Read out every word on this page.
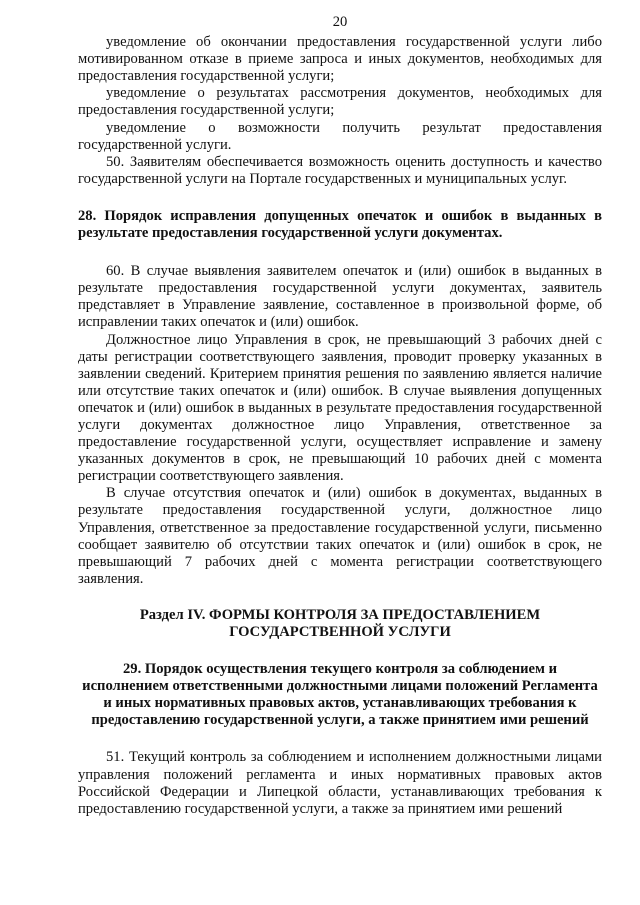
20

уведомление об окончании предоставления государственной услуги либо мотивированном отказе в приеме запроса и иных документов, необходимых для предоставления государственной услуги;

уведомление о результатах рассмотрения документов, необходимых для предоставления государственной услуги;

уведомление о возможности получить результат предоставления государственной услуги.

50. Заявителям обеспечивается возможность оценить доступность и качество государственной услуги на Портале государственных и муниципальных услуг.

28. Порядок исправления допущенных опечаток и ошибок в выданных в результате предоставления государственной услуги документах.

60. В случае выявления заявителем опечаток и (или) ошибок в выданных в результате предоставления государственной услуги документах, заявитель представляет в Управление заявление, составленное в произвольной форме, об исправлении таких опечаток и (или) ошибок.

Должностное лицо Управления в срок, не превышающий 3 рабочих дней с даты регистрации соответствующего заявления, проводит проверку указанных в заявлении сведений. Критерием принятия решения по заявлению является наличие или отсутствие таких опечаток и (или) ошибок. В случае выявления допущенных опечаток и (или) ошибок в выданных в результате предоставления государственной услуги документах должностное лицо Управления, ответственное за предоставление государственной услуги, осуществляет исправление и замену указанных документов в срок, не превышающий 10 рабочих дней с момента регистрации соответствующего заявления.

В случае отсутствия опечаток и (или) ошибок в документах, выданных в результате предоставления государственной услуги, должностное лицо Управления, ответственное за предоставление государственной услуги, письменно сообщает заявителю об отсутствии таких опечаток и (или) ошибок в срок, не превышающий 7 рабочих дней с момента регистрации соответствующего заявления.

Раздел IV. ФОРМЫ КОНТРОЛЯ ЗА ПРЕДОСТАВЛЕНИЕМ
ГОСУДАРСТВЕННОЙ УСЛУГИ
29. Порядок осуществления текущего контроля за соблюдением и исполнением ответственными должностными лицами положений Регламента и иных нормативных правовых актов, устанавливающих требования к предоставлению государственной услуги, а также принятием ими решений

51. Текущий контроль за соблюдением и исполнением должностными лицами управления положений регламента и иных нормативных правовых актов Российской Федерации и Липецкой области, устанавливающих требования к предоставлению государственной услуги, а также за принятием ими решений
